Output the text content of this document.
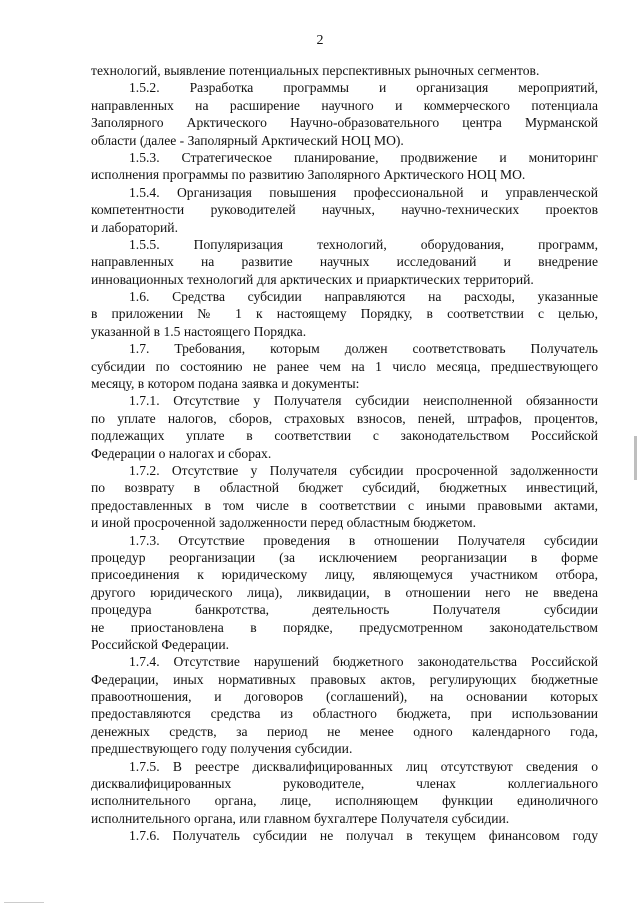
2
технологий, выявление потенциальных перспективных рыночных сегментов.
1.5.2. Разработка программы и организация мероприятий,
направленных на расширение научного и коммерческого потенциала
Заполярного Арктического Научно-образовательного центра Мурманской
области (далее - Заполярный Арктический НОЦ МО).
1.5.3. Стратегическое планирование, продвижение и мониторинг
исполнения программы по развитию Заполярного Арктического НОЦ МО.
1.5.4. Организация повышения профессиональной и управленческой
компетентности руководителей научных, научно-технических проектов
и лабораторий.
1.5.5. Популяризация технологий, оборудования, программ,
направленных на развитие научных исследований и внедрение
инновационных технологий для арктических и приарктических территорий.
1.6. Средства субсидии направляются на расходы, указанные
в приложении № 1 к настоящему Порядку, в соответствии с целью,
указанной в 1.5 настоящего Порядка.
1.7. Требования, которым должен соответствовать Получатель
субсидии по состоянию не ранее чем на 1 число месяца, предшествующего
месяцу, в котором подана заявка и документы:
1.7.1. Отсутствие у Получателя субсидии неисполненной обязанности
по уплате налогов, сборов, страховых взносов, пеней, штрафов, процентов,
подлежащих уплате в соответствии с законодательством Российской
Федерации о налогах и сборах.
1.7.2. Отсутствие у Получателя субсидии просроченной задолженности
по возврату в областной бюджет субсидий, бюджетных инвестиций,
предоставленных в том числе в соответствии с иными правовыми актами,
и иной просроченной задолженности перед областным бюджетом.
1.7.3. Отсутствие проведения в отношении Получателя субсидии
процедур реорганизации (за исключением реорганизации в форме
присоединения к юридическому лицу, являющемуся участником отбора,
другого юридического лица), ликвидации, в отношении него не введена
процедура банкротства, деятельность Получателя субсидии
не приостановлена в порядке, предусмотренном законодательством
Российской Федерации.
1.7.4. Отсутствие нарушений бюджетного законодательства Российской
Федерации, иных нормативных правовых актов, регулирующих бюджетные
правоотношения, и договоров (соглашений), на основании которых
предоставляются средства из областного бюджета, при использовании
денежных средств, за период не менее одного календарного года,
предшествующего году получения субсидии.
1.7.5. В реестре дисквалифицированных лиц отсутствуют сведения о
дисквалифицированных руководителе, членах коллегиального
исполнительного органа, лице, исполняющем функции единоличного
исполнительного органа, или главном бухгалтере Получателя субсидии.
1.7.6. Получатель субсидии не получал в текущем финансовом году
